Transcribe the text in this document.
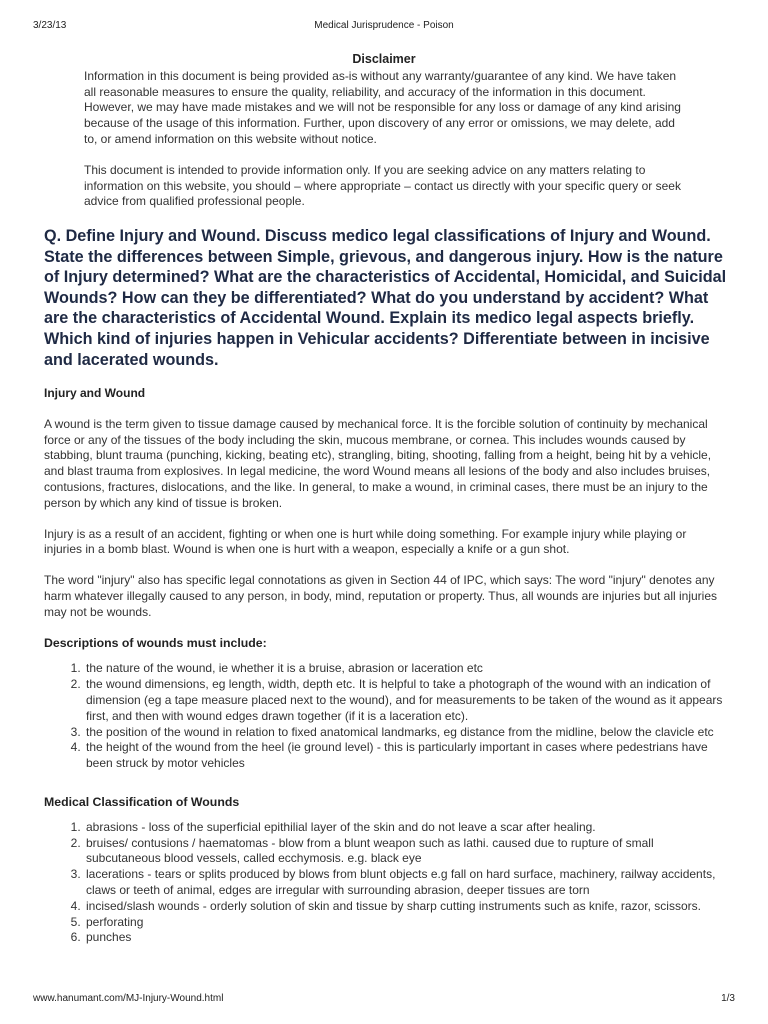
3/23/13	Medical Jurisprudence - Poison
Disclaimer

Information in this document is being provided as-is without any warranty/guarantee of any kind. We have taken all reasonable measures to ensure the quality, reliability, and accuracy of the information in this document. However, we may have made mistakes and we will not be responsible for any loss or damage of any kind arising because of the usage of this information. Further, upon discovery of any error or omissions, we may delete, add to, or amend information on this website without notice.

This document is intended to provide information only. If you are seeking advice on any matters relating to information on this website, you should – where appropriate – contact us directly with your specific query or seek advice from qualified professional people.

Q. Define Injury and Wound. Discuss medico legal classifications of Injury and Wound. State the differences between Simple, grievous, and dangerous injury. How is the nature of Injury determined? What are the characteristics of Accidental, Homicidal, and Suicidal Wounds? How can they be differentiated? What do you understand by accident? What are the characteristics of Accidental Wound. Explain its medico legal aspects briefly. Which kind of injuries happen in Vehicular accidents? Differentiate between in incisive and lacerated wounds.
Injury and Wound

A wound is the term given to tissue damage caused by mechanical force. It is the forcible solution of continuity by mechanical force or any of the tissues of the body including the skin, mucous membrane, or cornea. This includes wounds caused by stabbing, blunt trauma (punching, kicking, beating etc), strangling, biting, shooting, falling from a height, being hit by a vehicle, and blast trauma from explosives. In legal medicine, the word Wound means all lesions of the body and also includes bruises, contusions, fractures, dislocations, and the like. In general, to make a wound, in criminal cases, there must be an injury to the person by which any kind of tissue is broken.

Injury is as a result of an accident, fighting or when one is hurt while doing something. For example injury while playing or injuries in a bomb blast. Wound is when one is hurt with a weapon, especially a knife or a gun shot.

The word "injury" also has specific legal connotations as given in Section 44 of IPC, which says: The word "injury" denotes any harm whatever illegally caused to any person, in body, mind, reputation or property. Thus, all wounds are injuries but all injuries may not be wounds.

Descriptions of wounds must include:
1. the nature of the wound, ie whether it is a bruise, abrasion or laceration etc
2. the wound dimensions, eg length, width, depth etc. It is helpful to take a photograph of the wound with an indication of dimension (eg a tape measure placed next to the wound), and for measurements to be taken of the wound as it appears first, and then with wound edges drawn together (if it is a laceration etc).
3. the position of the wound in relation to fixed anatomical landmarks, eg distance from the midline, below the clavicle etc
4. the height of the wound from the heel (ie ground level) - this is particularly important in cases where pedestrians have been struck by motor vehicles
Medical Classification of Wounds
1. abrasions - loss of the superficial epithilial layer of the skin and do not leave a scar after healing.
2. bruises/ contusions / haematomas - blow from a blunt weapon such as lathi. caused due to rupture of small subcutaneous blood vessels, called ecchymosis. e.g. black eye
3. lacerations - tears or splits produced by blows from blunt objects e.g fall on hard surface, machinery, railway accidents, claws or teeth of animal, edges are irregular with surrounding abrasion, deeper tissues are torn
4. incised/slash wounds - orderly solution of skin and tissue by sharp cutting instruments such as knife, razor, scissors.
5. perforating
6. punches
www.hanumant.com/MJ-Injury-Wound.html	1/3
